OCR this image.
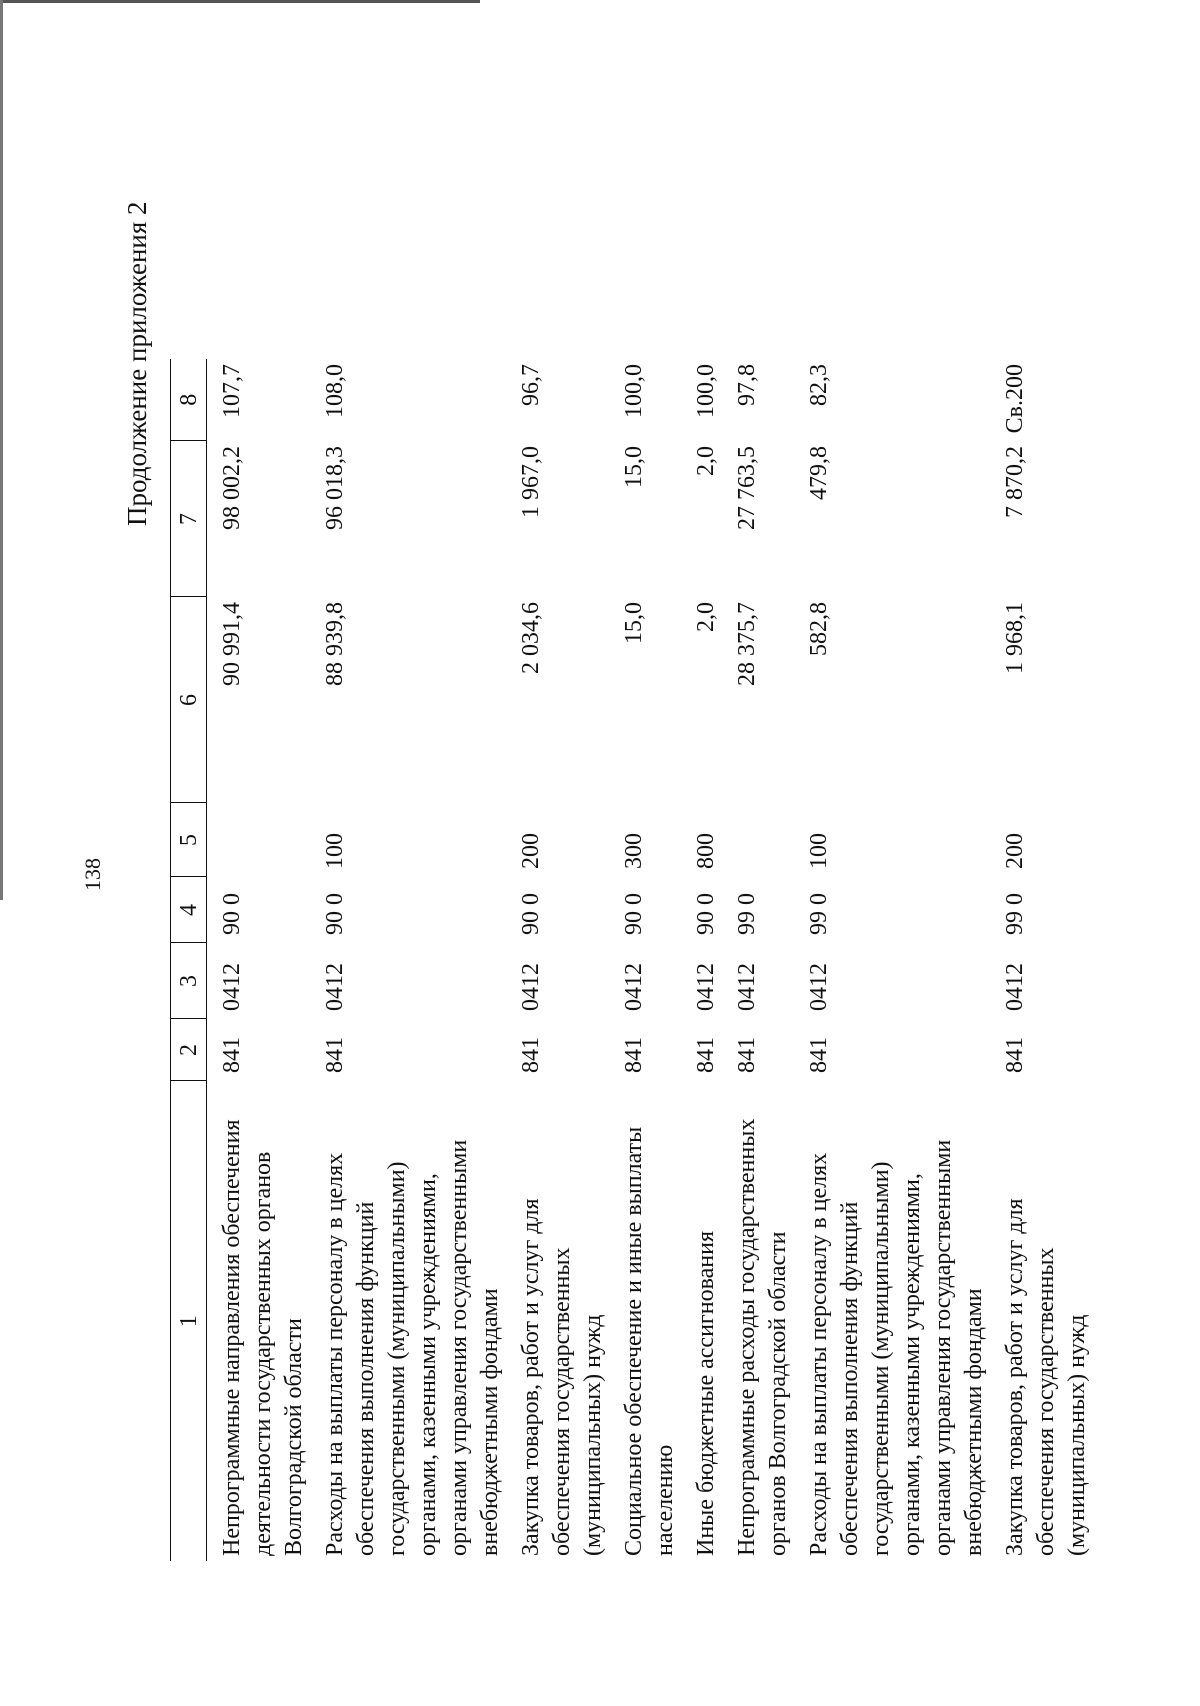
138
Продолжение приложения 2
1	2	3	4	5	6	7	8
Непрограммные направления обеспечения деятельности государственных органов Волгоградской области	841	0412	90 0		90 991,4	98 002,2	107,7
Расходы на выплаты персоналу в целях обеспечения выполнения функций государственными (муниципальными) органами, казенными учреждениями, органами управления государственными внебюджетными фондами	841	0412	90 0	100	88 939,8	96 018,3	108,0
Закупка товаров, работ и услуг для обеспечения государственных (муниципальных) нужд	841	0412	90 0	200	2 034,6	1 967,0	96,7
Социальное обеспечение и иные выплаты населению	841	0412	90 0	300	15,0	15,0	100,0
Иные бюджетные ассигнования	841	0412	90 0	800	2,0	2,0	100,0
Непрограммные расходы государственных органов Волгоградской области	841	0412	99 0		28 375,7	27 763,5	97,8
Расходы на выплаты персоналу в целях обеспечения выполнения функций государственными (муниципальными) органами, казенными учреждениями, органами управления государственными внебюджетными фондами	841	0412	99 0	100	582,8	479,8	82,3
Закупка товаров, работ и услуг для обеспечения государственных (муниципальных) нужд	841	0412	99 0	200	1 968,1	7 870,2	Св.200
